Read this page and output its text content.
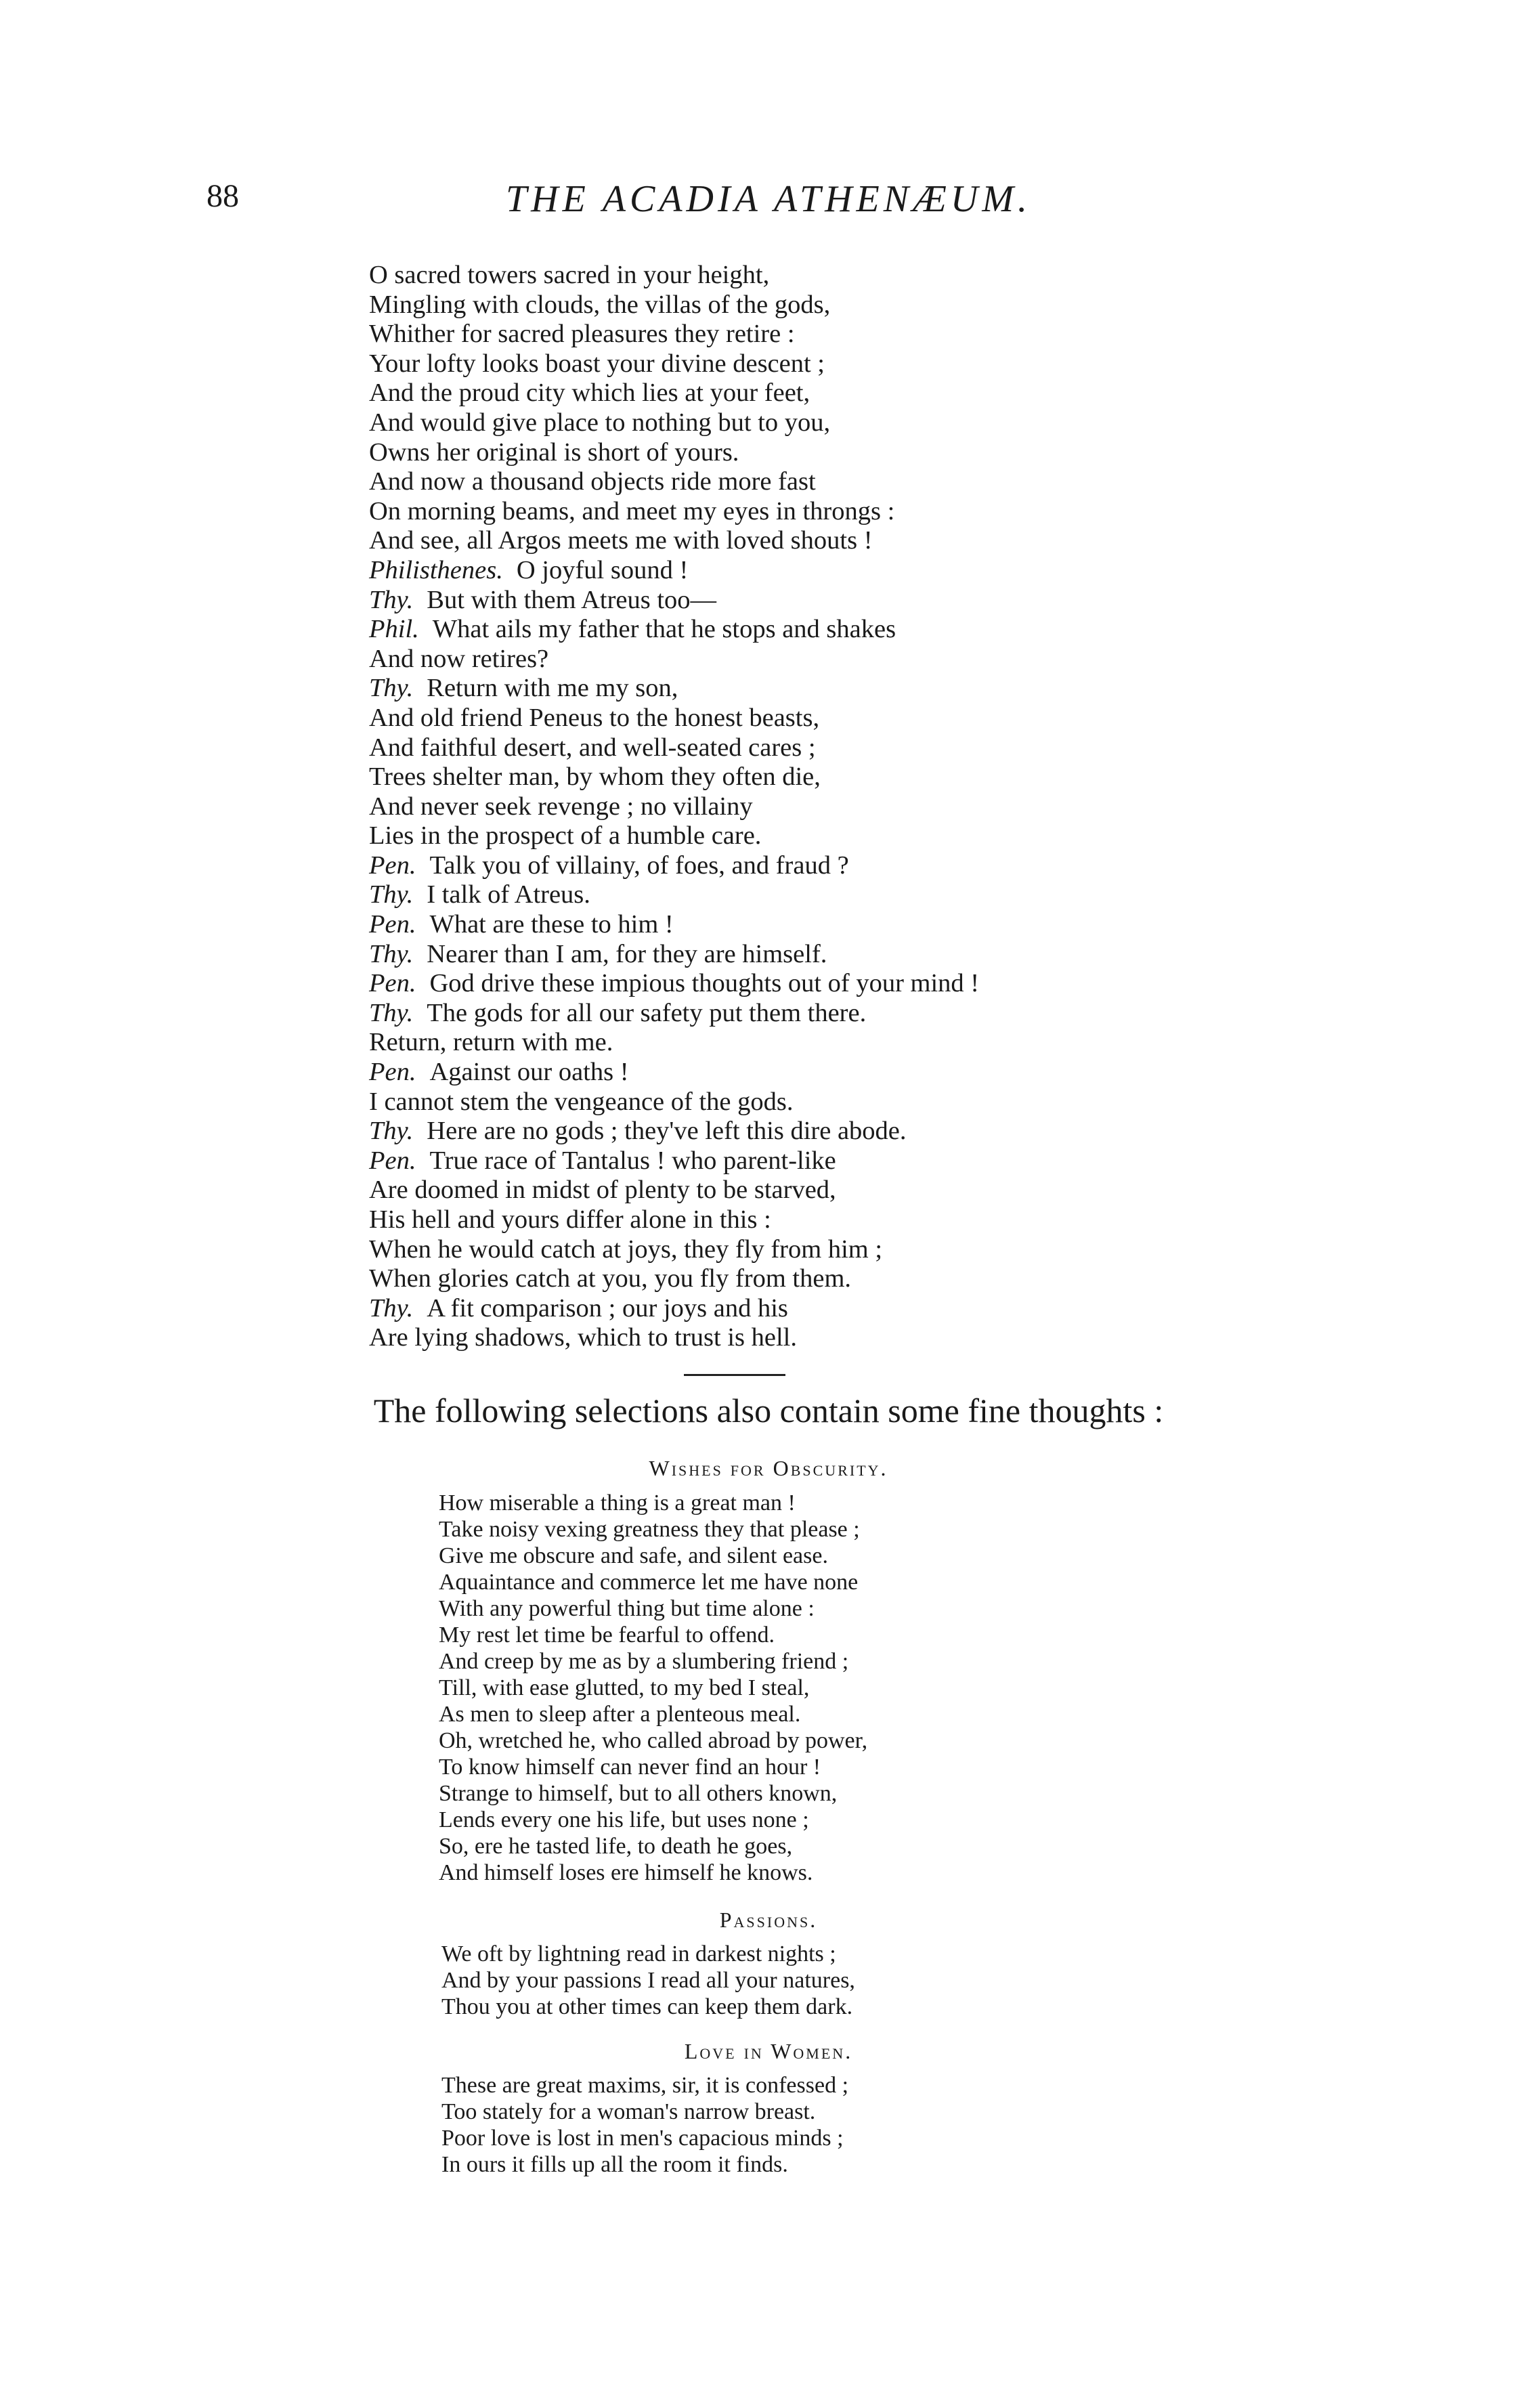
88	THE ACADIA ATHENÆUM.
O sacred towers sacred in your height,
Mingling with clouds, the villas of the gods,
Whither for sacred pleasures they retire :
Your lofty looks boast your divine descent ;
And the proud city which lies at your feet,
And would give place to nothing but to you,
Owns her original is short of yours.
And now a thousand objects ride more fast
On morning beams, and meet my eyes in throngs :
And see, all Argos meets me with loved shouts !
Philisthenes. O joyful sound !
Thy. But with them Atreus too—
Phil. What ails my father that he stops and shakes
And now retires?
Thy. Return with me my son,
And old friend Peneus to the honest beasts,
And faithful desert, and well-seated cares ;
Trees shelter man, by whom they often die,
And never seek revenge ; no villainy
Lies in the prospect of a humble care.
Pen. Talk you of villainy, of foes, and fraud ?
Thy. I talk of Atreus.
Pen. What are these to him !
Thy. Nearer than I am, for they are himself.
Pen. God drive these impious thoughts out of your mind !
Thy. The gods for all our safety put them there.
Return, return with me.
Pen. Against our oaths !
I cannot stem the vengeance of the gods.
Thy. Here are no gods ; they've left this dire abode.
Pen. True race of Tantalus ! who parent-like
Are doomed in midst of plenty to be starved,
His hell and yours differ alone in this :
When he would catch at joys, they fly from him ;
When glories catch at you, you fly from them.
Thy. A fit comparison ; our joys and his
Are lying shadows, which to trust is hell.
The following selections also contain some fine thoughts :
Wishes for Obscurity.
How miserable a thing is a great man !
Take noisy vexing greatness they that please ;
Give me obscure and safe, and silent ease.
Aquaintance and commerce let me have none
With any powerful thing but time alone :
My rest let time be fearful to offend.
And creep by me as by a slumbering friend ;
Till, with ease glutted, to my bed I steal,
As men to sleep after a plenteous meal.
Oh, wretched he, who called abroad by power,
To know himself can never find an hour !
Strange to himself, but to all others known,
Lends every one his life, but uses none ;
So, ere he tasted life, to death he goes,
And himself loses ere himself he knows.
Passions.
We oft by lightning read in darkest nights ;
And by your passions I read all your natures,
Thou you at other times can keep them dark.
Love in Women.
These are great maxims, sir, it is confessed ;
Too stately for a woman's narrow breast.
Poor love is lost in men's capacious minds ;
In ours it fills up all the room it finds.
